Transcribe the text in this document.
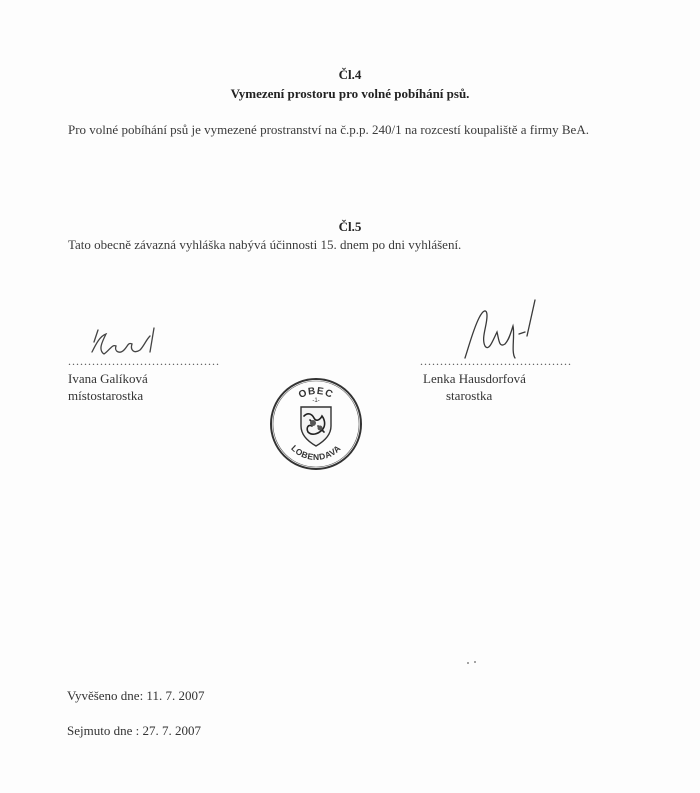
Čl.4
Vymezení prostoru pro volné pobíhání psů.
Pro volné pobíhání psů je vymezené prostranství na č.p.p. 240/1 na rozcestí koupaliště a firmy BeA.
Čl.5
Tato obecně závazná vyhláška nabývá účinnosti 15. dnem po dni vyhlášení.
......................................
Ivana Galíková
místostarostka
......................................
Lenka Hausdorfová
starostka
OBEC
-1-
LOBENDAVA
Vyvěšeno dne: 11. 7. 2007
Sejmuto dne : 27. 7. 2007
